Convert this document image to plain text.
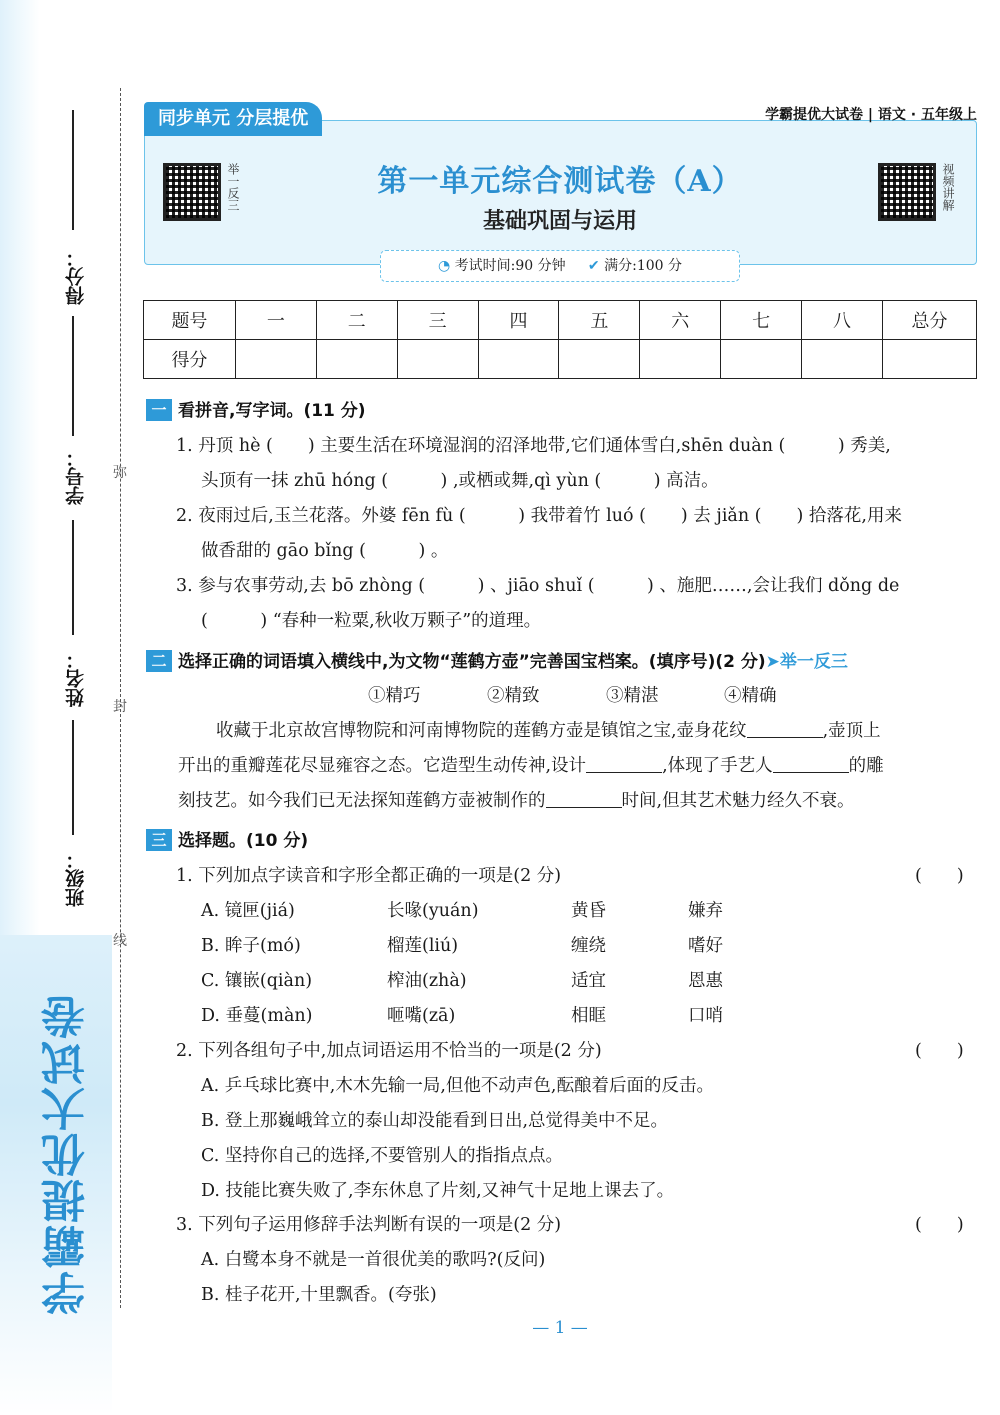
学霸提优大试卷
得分：
学号：
姓名：
班级：
弥
封
线
同步单元 分层提优	学霸提优大试卷 | 语文 · 五年级上
举一反三	视频讲解
第一单元综合测试卷（A）
基础巩固与运用
◔ 考试时间:90 分钟 ✔ 满分:100 分
题号	一	二	三	四	五	六	七	八	总分
得分									
一 看拼音,写字词。(11 分)
1. 丹顶 hè (　　) 主要生活在环境湿润的沼泽地带,它们通体雪白,shēn duàn (　　　) 秀美,
头顶有一抹 zhū hóng (　　　) ,或栖或舞,qì yùn (　　　) 高洁。
2. 夜雨过后,玉兰花落。外婆 fēn fù (　　　) 我带着竹 luó (　　) 去 jiǎn (　　) 拾落花,用来
做香甜的 gāo bǐng (　　　) 。
3. 参与农事劳动,去 bō zhòng (　　　) 、jiāo shuǐ (　　　) 、施肥……,会让我们 dǒng de
(　　　) “春种一粒粟,秋收万颗子”的道理。
二 选择正确的词语填入横线中,为文物“莲鹤方壶”完善国宝档案。(填序号)(2 分)➤举一反三
①精巧	②精致	③精湛	④精确
收藏于北京故宫博物院和河南博物院的莲鹤方壶是镇馆之宝,壶身花纹	,壶顶上
开出的重瓣莲花尽显雍容之态。它造型生动传神,设计	,体现了手艺人	的雕
刻技艺。如今我们已无法探知莲鹤方壶被制作的	时间,但其艺术魅力经久不衰。
三 选择题。(10 分)
1. 下列加点字读音和字形全都正确的一项是(2 分)	(　　)
A. 镜匣(jiá)	长喙(yuán)	黄昏	嫌弃
B. 眸子(mó)	榴莲(liú)	缠绕	嗜好
C. 镶嵌(qiàn)	榨油(zhà)	适宜	恩惠
D. 垂蔓(màn)	咂嘴(zā)	相眶	口哨
2. 下列各组句子中,加点词语运用不恰当的一项是(2 分)	(　　)
A. 乒乓球比赛中,木木先输一局,但他不动声色,酝酿着后面的反击。
B. 登上那巍峨耸立的泰山却没能看到日出,总觉得美中不足。
C. 坚持你自己的选择,不要管别人的指指点点。
D. 技能比赛失败了,李东休息了片刻,又神气十足地上课去了。
3. 下列句子运用修辞手法判断有误的一项是(2 分)	(　　)
A. 白鹭本身不就是一首很优美的歌吗?(反问)
B. 桂子花开,十里飘香。(夸张)
— 1 —
